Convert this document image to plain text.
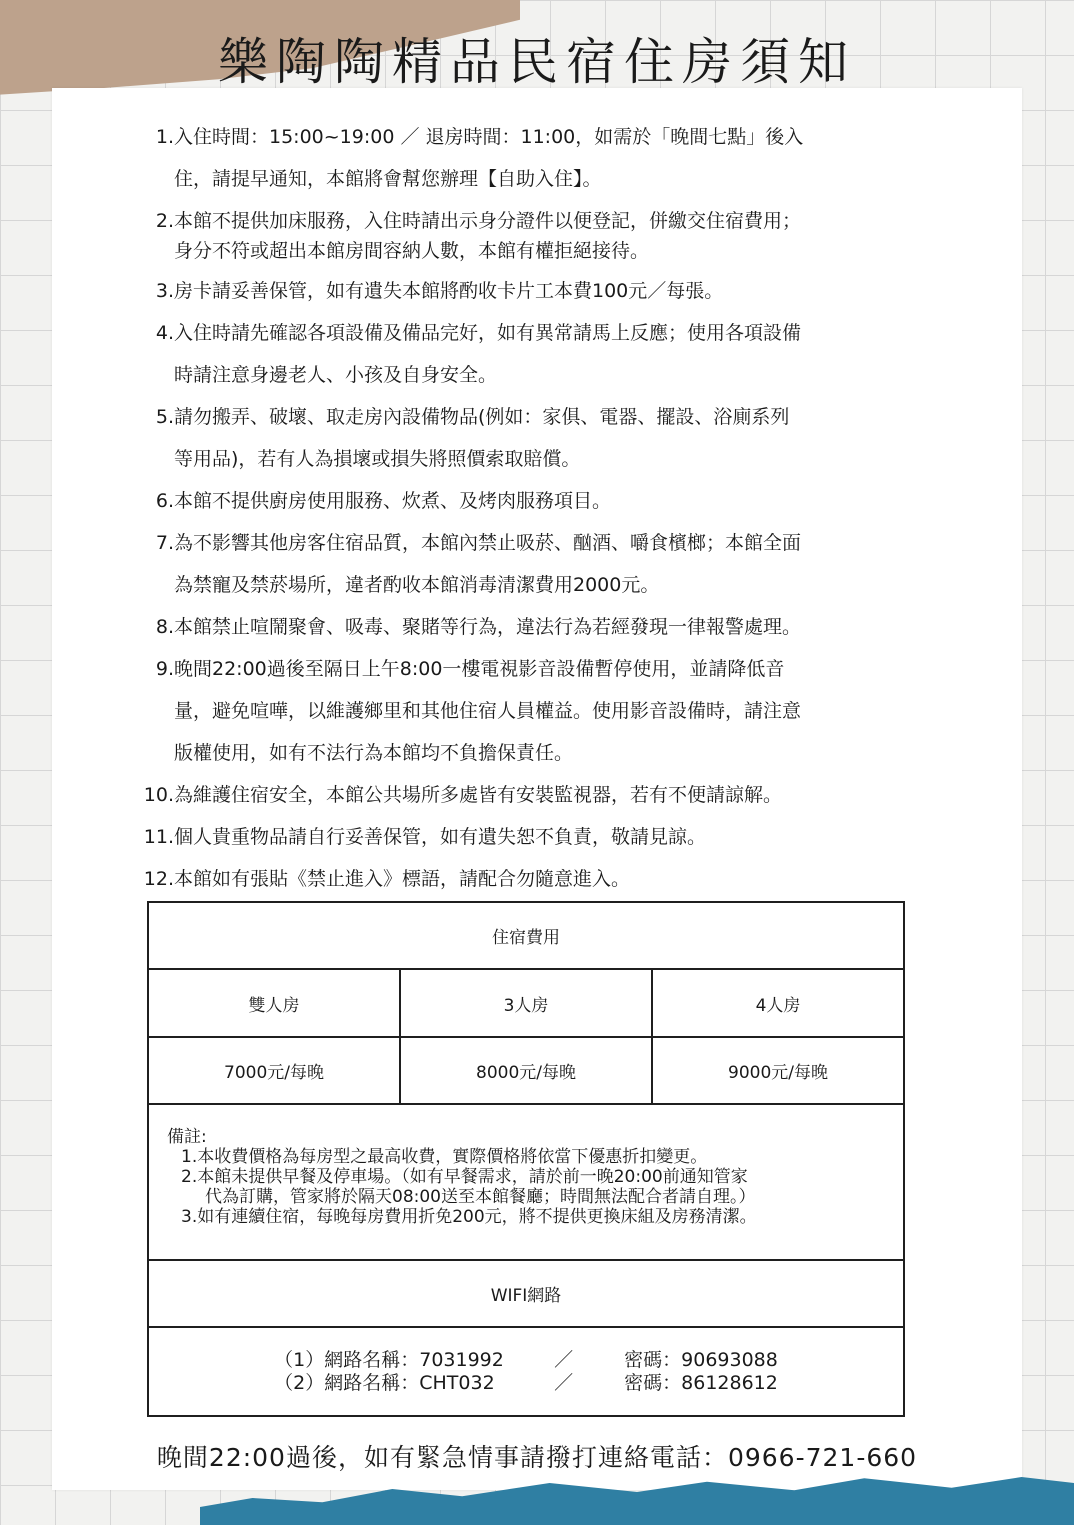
樂陶陶精品民宿住房須知
1. 入住時間：15:00~19:00 ／ 退房時間：11:00，如需於「晚間七點」後入
住，請提早通知，本館將會幫您辦理【自助入住】。
2. 本館不提供加床服務，入住時請出示身分證件以便登記，併繳交住宿費用；
身分不符或超出本館房間容納人數，本館有權拒絕接待。
3. 房卡請妥善保管，如有遺失本館將酌收卡片工本費100元／每張。
4. 入住時請先確認各項設備及備品完好，如有異常請馬上反應；使用各項設備
時請注意身邊老人、小孩及自身安全。
5. 請勿搬弄、破壞、取走房內設備物品(例如：家俱、電器、擺設、浴廁系列
等用品)，若有人為損壞或損失將照價索取賠償。
6. 本館不提供廚房使用服務、炊煮、及烤肉服務項目。
7. 為不影響其他房客住宿品質，本館內禁止吸菸、酗酒、嚼食檳榔；本館全面
為禁寵及禁菸場所，違者酌收本館消毒清潔費用2000元。
8. 本館禁止喧鬧聚會、吸毒、聚賭等行為，違法行為若經發現一律報警處理。
9. 晚間22:00過後至隔日上午8:00一樓電視影音設備暫停使用，並請降低音
量，避免喧嘩，以維護鄉里和其他住宿人員權益。使用影音設備時，請注意
版權使用，如有不法行為本館均不負擔保責任。
10. 為維護住宿安全，本館公共場所多處皆有安裝監視器，若有不便請諒解。
11. 個人貴重物品請自行妥善保管，如有遺失恕不負責，敬請見諒。
12. 本館如有張貼《禁止進入》標語，請配合勿隨意進入。
住宿費用
雙人房	3人房	4人房
7000元/每晚	8000元/每晚	9000元/每晚
備註:
1.本收費價格為每房型之最高收費，實際價格將依當下優惠折扣變更。
2.本館未提供早餐及停車場。（如有早餐需求，請於前一晚20:00前通知管家
代為訂購，管家將於隔天08:00送至本館餐廳；時間無法配合者請自理。）
3.如有連續住宿，每晚每房費用折免200元，將不提供更換床組及房務清潔。
WIFI網路
（1）網路名稱：7031992	／	密碼：90693088
（2）網路名稱：CHT032	／	密碼：86128612
晚間22:00過後，如有緊急情事請撥打連絡電話：0966-721-660
